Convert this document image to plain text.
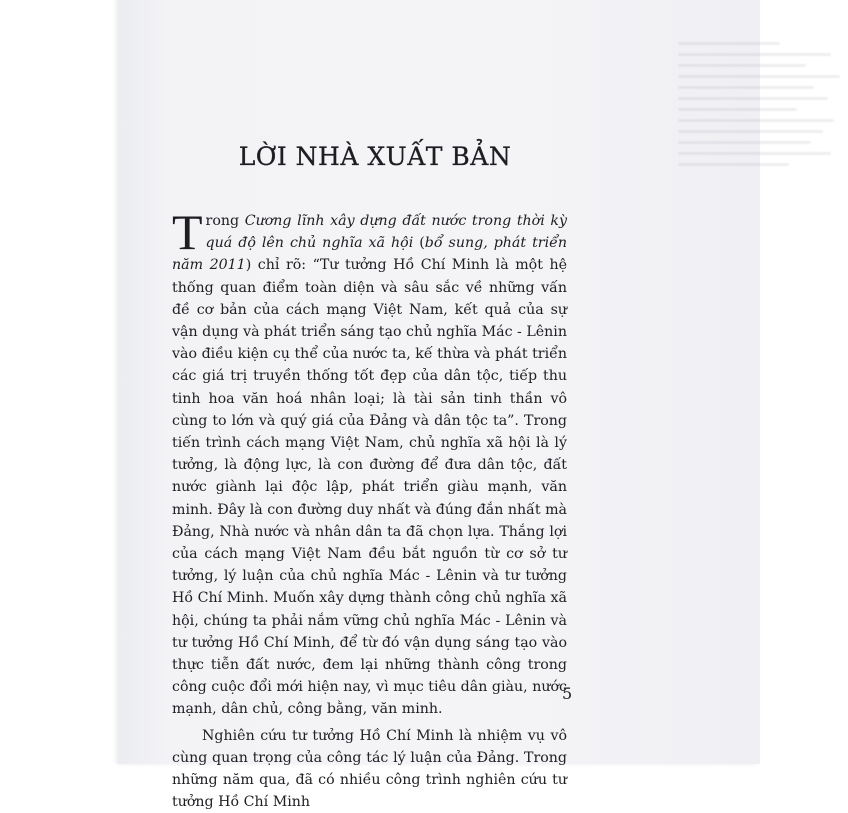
LỜI NHÀ XUẤT BẢN

Trong Cương lĩnh xây dựng đất nước trong thời kỳ quá độ lên chủ nghĩa xã hội (bổ sung, phát triển năm 2011) chỉ rõ: “Tư tưởng Hồ Chí Minh là một hệ thống quan điểm toàn diện và sâu sắc về những vấn đề cơ bản của cách mạng Việt Nam, kết quả của sự vận dụng và phát triển sáng tạo chủ nghĩa Mác - Lênin vào điều kiện cụ thể của nước ta, kế thừa và phát triển các giá trị truyền thống tốt đẹp của dân tộc, tiếp thu tinh hoa văn hoá nhân loại; là tài sản tinh thần vô cùng to lớn và quý giá của Đảng và dân tộc ta”. Trong tiến trình cách mạng Việt Nam, chủ nghĩa xã hội là lý tưởng, là động lực, là con đường để đưa dân tộc, đất nước giành lại độc lập, phát triển giàu mạnh, văn minh. Đây là con đường duy nhất và đúng đắn nhất mà Đảng, Nhà nước và nhân dân ta đã chọn lựa. Thắng lợi của cách mạng Việt Nam đều bắt nguồn từ cơ sở tư tưởng, lý luận của chủ nghĩa Mác - Lênin và tư tưởng Hồ Chí Minh. Muốn xây dựng thành công chủ nghĩa xã hội, chúng ta phải nắm vững chủ nghĩa Mác - Lênin và tư tưởng Hồ Chí Minh, để từ đó vận dụng sáng tạo vào thực tiễn đất nước, đem lại những thành công trong công cuộc đổi mới hiện nay, vì mục tiêu dân giàu, nước mạnh, dân chủ, công bằng, văn minh.

Nghiên cứu tư tưởng Hồ Chí Minh là nhiệm vụ vô cùng quan trọng của công tác lý luận của Đảng. Trong những năm qua, đã có nhiều công trình nghiên cứu tư tưởng Hồ Chí Minh

5
